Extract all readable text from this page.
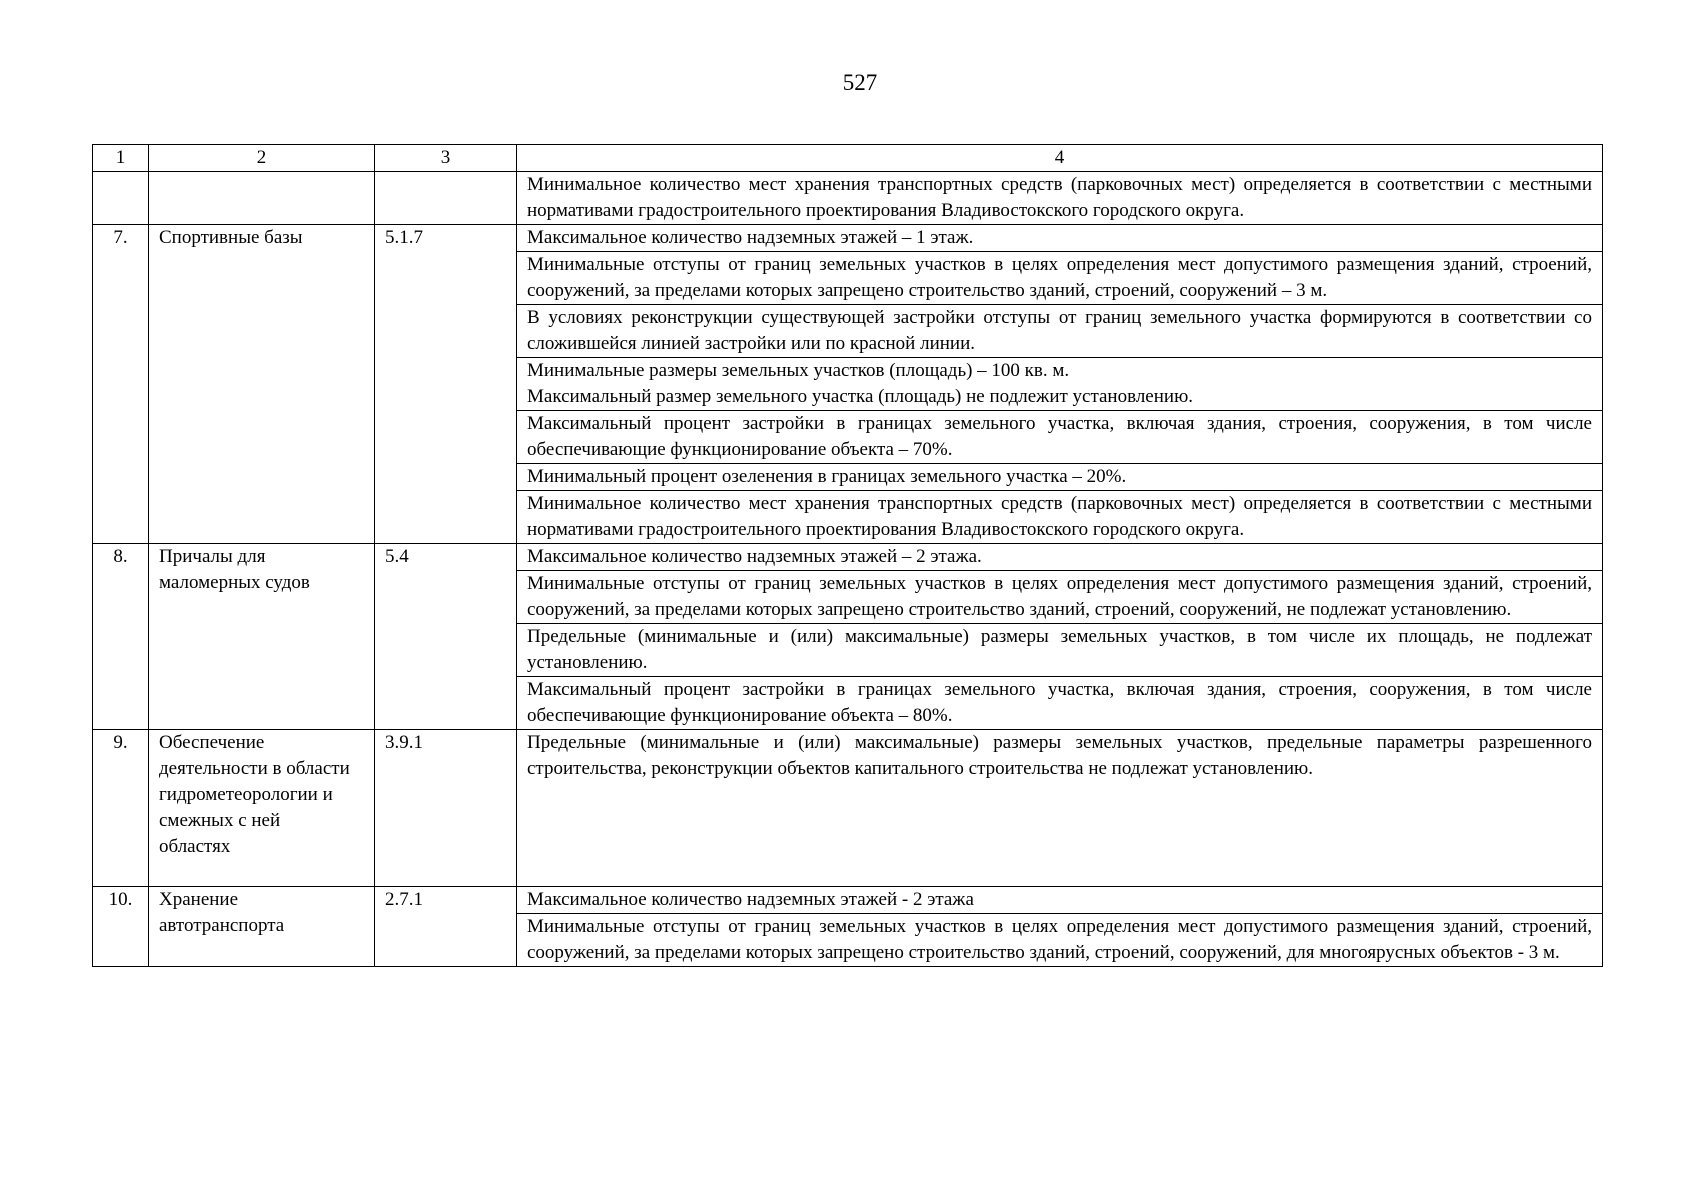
527
1	2	3	4
			Минимальное количество мест хранения транспортных средств (парковочных мест) определяется в соответствии с местными нормативами градостроительного проектирования Владивостокского городского округа.
7.	Спортивные базы	5.1.7	Максимальное количество надземных этажей – 1 этаж.
			Минимальные отступы от границ земельных участков в целях определения мест допустимого размещения зданий, строений, сооружений, за пределами которых запрещено строительство зданий, строений, сооружений – 3 м.
			В условиях реконструкции существующей застройки отступы от границ земельного участка формируются в соответствии со сложившейся линией застройки или по красной линии.
			Минимальные размеры земельных участков (площадь) – 100 кв. м.
Максимальный размер земельного участка (площадь) не подлежит установлению.
			Максимальный процент застройки в границах земельного участка, включая здания, строения, сооружения, в том числе обеспечивающие функционирование объекта – 70%.
			Минимальный процент озеленения в границах земельного участка – 20%.
			Минимальное количество мест хранения транспортных средств (парковочных мест) определяется в соответствии с местными нормативами градостроительного проектирования Владивостокского городского округа.
8.	Причалы для маломерных судов	5.4	Максимальное количество надземных этажей – 2 этажа.
			Минимальные отступы от границ земельных участков в целях определения мест допустимого размещения зданий, строений, сооружений, за пределами которых запрещено строительство зданий, строений, сооружений, не подлежат установлению.
			Предельные (минимальные и (или) максимальные) размеры земельных участков, в том числе их площадь, не подлежат установлению.
			Максимальный процент застройки в границах земельного участка, включая здания, строения, сооружения, в том числе обеспечивающие функционирование объекта – 80%.
9.	Обеспечение деятельности в области гидрометеорологии и смежных с ней областях	3.9.1	Предельные (минимальные и (или) максимальные) размеры земельных участков, предельные параметры разрешенного строительства, реконструкции объектов капитального строительства не подлежат установлению.
10.	Хранение автотранспорта	2.7.1	Максимальное количество надземных этажей - 2 этажа
			Минимальные отступы от границ земельных участков в целях определения мест допустимого размещения зданий, строений, сооружений, за пределами которых запрещено строительство зданий, строений, сооружений, для многоярусных объектов - 3 м.
